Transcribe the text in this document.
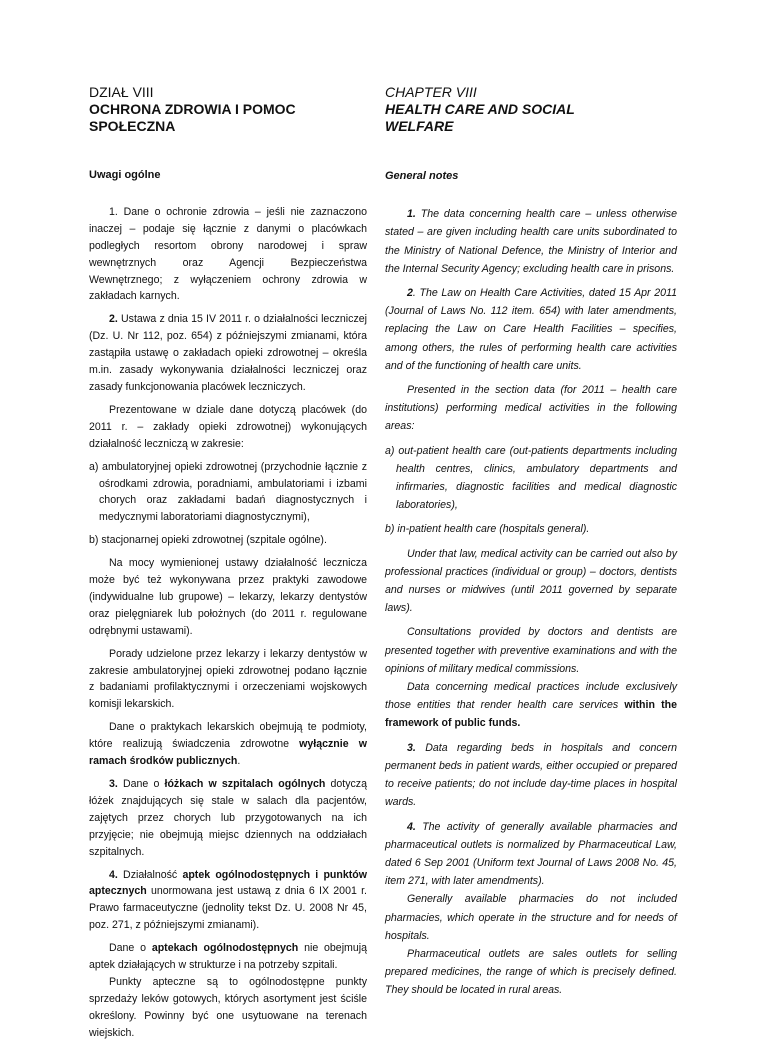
DZIAŁ VIII
OCHRONA ZDROWIA I POMOC
SPOŁECZNA
Uwagi ogólne

1. Dane o ochronie zdrowia – jeśli nie zaznaczono inaczej – podaje się łącznie z danymi o placówkach podległych resortom obrony narodowej i spraw wewnętrznych oraz Agencji Bezpieczeństwa Wewnętrznego; z wyłączeniem ochrony zdrowia w zakładach karnych.

2. Ustawa z dnia 15 IV 2011 r. o działalności leczniczej (Dz. U. Nr 112, poz. 654) z późniejszymi zmianami, która zastąpiła ustawę o zakładach opieki zdrowotnej – określa m.in. zasady wykonywania działalności leczniczej oraz zasady funkcjonowania placówek leczniczych.

Prezentowane w dziale dane dotyczą placówek (do 2011 r. – zakłady opieki zdrowotnej) wykonujących działalność leczniczą w zakresie:

a) ambulatoryjnej opieki zdrowotnej (przychodnie łącznie z ośrodkami zdrowia, poradniami, ambulatoriami i izbami chorych oraz zakładami badań diagnostycznych i medycznymi laboratoriami diagnostycznymi),

b) stacjonarnej opieki zdrowotnej (szpitale ogólne).

Na mocy wymienionej ustawy działalność lecznicza może być też wykonywana przez praktyki zawodowe (indywidualne lub grupowe) – lekarzy, lekarzy dentystów oraz pielęgniarek lub położnych (do 2011 r. regulowane odrębnymi ustawami).

Porady udzielone przez lekarzy i lekarzy dentystów w zakresie ambulatoryjnej opieki zdrowotnej podano łącznie z badaniami profilaktycznymi i orzeczeniami wojskowych komisji lekarskich.

Dane o praktykach lekarskich obejmują te podmioty, które realizują świadczenia zdrowotne wyłącznie w ramach środków publicznych.

3. Dane o łóżkach w szpitalach ogólnych dotyczą łóżek znajdujących się stale w salach dla pacjentów, zajętych przez chorych lub przygotowanych na ich przyjęcie; nie obejmują miejsc dziennych na oddziałach szpitalnych.

4. Działalność aptek ogólnodostępnych i punktów aptecznych unormowana jest ustawą z dnia 6 IX 2001 r. Prawo farmaceutyczne (jednolity tekst Dz. U. 2008 Nr 45, poz. 271, z późniejszymi zmianami).

Dane o aptekach ogólnodostępnych nie obejmują aptek działających w strukturze i na potrzeby szpitali.

Punkty apteczne są to ogólnodostępne punkty sprzedaży leków gotowych, których asortyment jest ściśle określony. Powinny być one usytuowane na terenach wiejskich.

CHAPTER VIII
HEALTH CARE AND SOCIAL
WELFARE
General notes

1. The data concerning health care – unless otherwise stated – are given including health care units subordinated to the Ministry of National Defence, the Ministry of Interior and the Internal Security Agency; excluding health care in prisons.

2. The Law on Health Care Activities, dated 15 Apr 2011 (Journal of Laws No. 112 item. 654) with later amendments, replacing the Law on Care Health Facilities – specifies, among others, the rules of performing health care activities and of the functioning of health care units.

Presented in the section data (for 2011 – health care institutions) performing medical activities in the following areas:

a) out-patient health care (out-patients departments including health centres, clinics, ambulatory departments and infirmaries, diagnostic facilities and medical diagnostic laboratories),

b) in-patient health care (hospitals general).

Under that law, medical activity can be carried out also by professional practices (individual or group) – doctors, dentists and nurses or midwives (until 2011 governed by separate laws).

Consultations provided by doctors and dentists are presented together with preventive examinations and with the opinions of military medical commissions.

Data concerning medical practices include exclusively those entities that render health care services within the framework of public funds.

3. Data regarding beds in hospitals and concern permanent beds in patient wards, either occupied or prepared to receive patients; do not include day-time places in hospital wards.

4. The activity of generally available pharmacies and pharmaceutical outlets is normalized by Pharmaceutical Law, dated 6 Sep 2001 (Uniform text Journal of Laws 2008 No. 45, item 271, with later amendments).

Generally available pharmacies do not included pharmacies, which operate in the structure and for needs of hospitals.

Pharmaceutical outlets are sales outlets for selling prepared medicines, the range of which is precisely defined. They should be located in rural areas.
